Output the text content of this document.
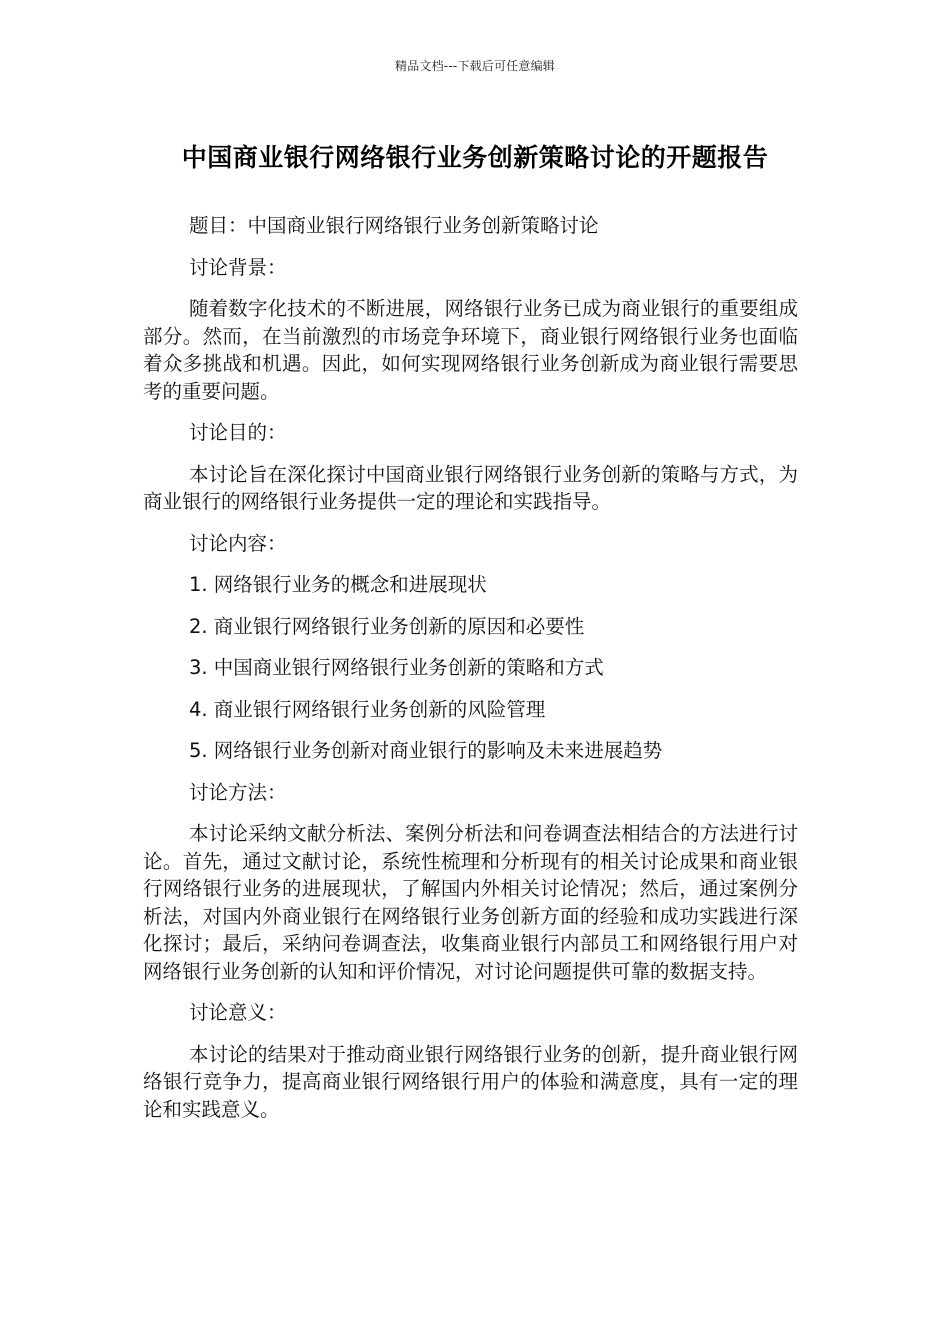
精品文档---下载后可任意编辑
中国商业银行网络银行业务创新策略讨论的开题报告
题目：中国商业银行网络银行业务创新策略讨论
讨论背景：
随着数字化技术的不断进展，网络银行业务已成为商业银行的重要组成部分。然而，在当前激烈的市场竞争环境下，商业银行网络银行业务也面临着众多挑战和机遇。因此，如何实现网络银行业务创新成为商业银行需要思考的重要问题。
讨论目的：
本讨论旨在深化探讨中国商业银行网络银行业务创新的策略与方式，为商业银行的网络银行业务提供一定的理论和实践指导。
讨论内容：
1. 网络银行业务的概念和进展现状
2. 商业银行网络银行业务创新的原因和必要性
3. 中国商业银行网络银行业务创新的策略和方式
4. 商业银行网络银行业务创新的风险管理
5. 网络银行业务创新对商业银行的影响及未来进展趋势
讨论方法：
本讨论采纳文献分析法、案例分析法和问卷调查法相结合的方法进行讨论。首先，通过文献讨论，系统性梳理和分析现有的相关讨论成果和商业银行网络银行业务的进展现状，了解国内外相关讨论情况；然后，通过案例分析法，对国内外商业银行在网络银行业务创新方面的经验和成功实践进行深化探讨；最后，采纳问卷调查法，收集商业银行内部员工和网络银行用户对网络银行业务创新的认知和评价情况，对讨论问题提供可靠的数据支持。
讨论意义：
本讨论的结果对于推动商业银行网络银行业务的创新，提升商业银行网络银行竞争力，提高商业银行网络银行用户的体验和满意度，具有一定的理论和实践意义。
